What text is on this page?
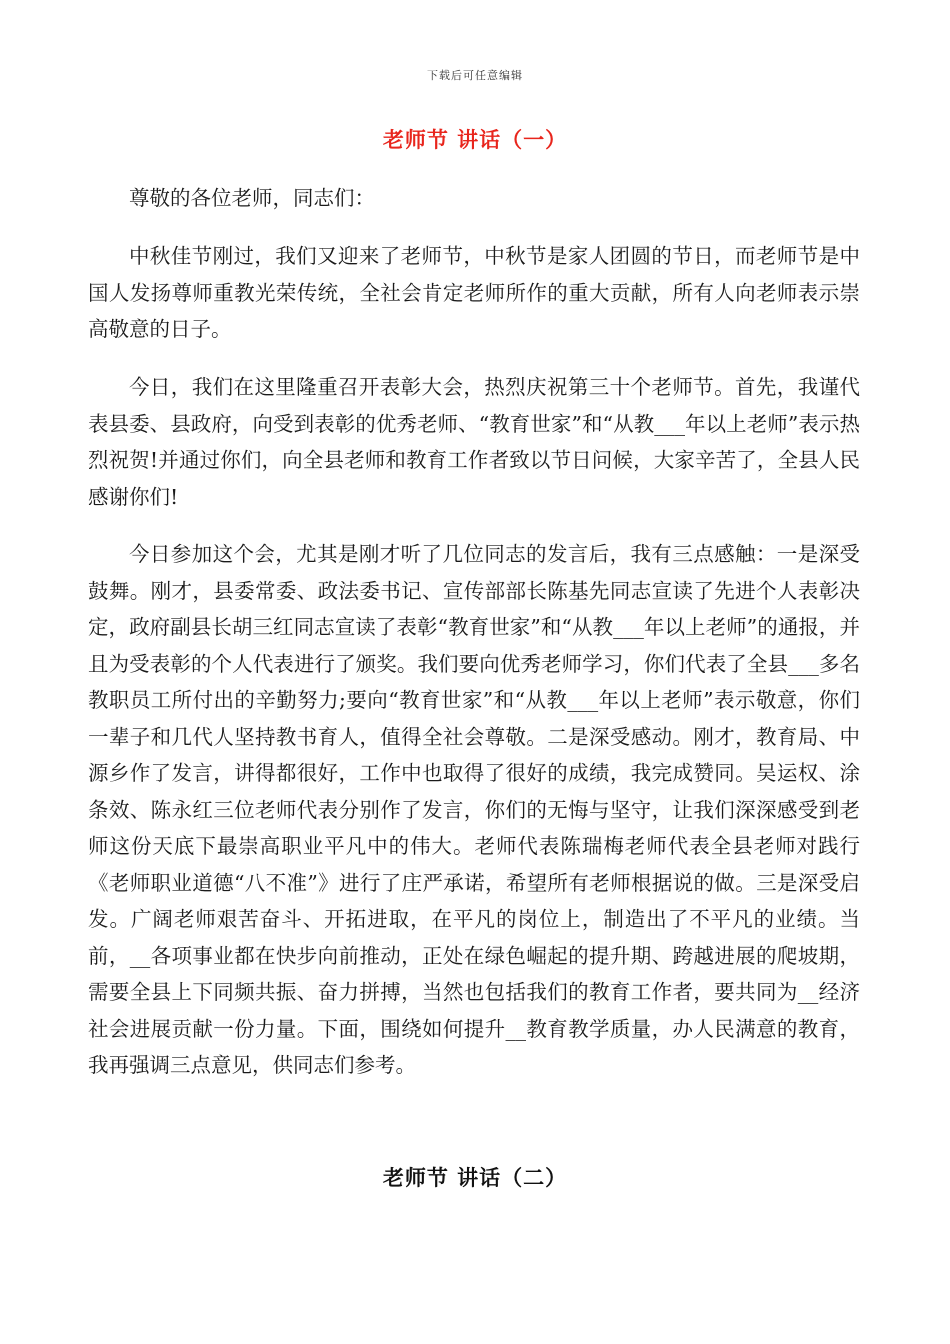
下载后可任意编辑
老师节 讲话（一）

尊敬的各位老师，同志们：

中秋佳节刚过，我们又迎来了老师节，中秋节是家人团圆的节日，而老师节是中国人发扬尊师重教光荣传统，全社会肯定老师所作的重大贡献，所有人向老师表示崇高敬意的日子。

今日，我们在这里隆重召开表彰大会，热烈庆祝第三十个老师节。首先，我谨代表县委、县政府，向受到表彰的优秀老师、“教育世家”和“从教___年以上老师”表示热烈祝贺!并通过你们，向全县老师和教育工作者致以节日问候，大家辛苦了，全县人民感谢你们!

今日参加这个会，尤其是刚才听了几位同志的发言后，我有三点感触：一是深受鼓舞。刚才，县委常委、政法委书记、宣传部部长陈基先同志宣读了先进个人表彰决定，政府副县长胡三红同志宣读了表彰“教育世家”和“从教___年以上老师”的通报，并且为受表彰的个人代表进行了颁奖。我们要向优秀老师学习，你们代表了全县___多名教职员工所付出的辛勤努力;要向“教育世家”和“从教___年以上老师”表示敬意，你们一辈子和几代人坚持教书育人，值得全社会尊敬。二是深受感动。刚才，教育局、中源乡作了发言，讲得都很好，工作中也取得了很好的成绩，我完成赞同。吴运权、涂条效、陈永红三位老师代表分别作了发言，你们的无悔与坚守，让我们深深感受到老师这份天底下最崇高职业平凡中的伟大。老师代表陈瑞梅老师代表全县老师对践行《老师职业道德“八不准”》进行了庄严承诺，希望所有老师根据说的做。三是深受启发。广阔老师艰苦奋斗、开拓进取，在平凡的岗位上，制造出了不平凡的业绩。当前，__各项事业都在快步向前推动，正处在绿色崛起的提升期、跨越进展的爬坡期，需要全县上下同频共振、奋力拼搏，当然也包括我们的教育工作者，要共同为__经济社会进展贡献一份力量。下面，围绕如何提升__教育教学质量，办人民满意的教育，我再强调三点意见，供同志们参考。

老师节 讲话（二）
